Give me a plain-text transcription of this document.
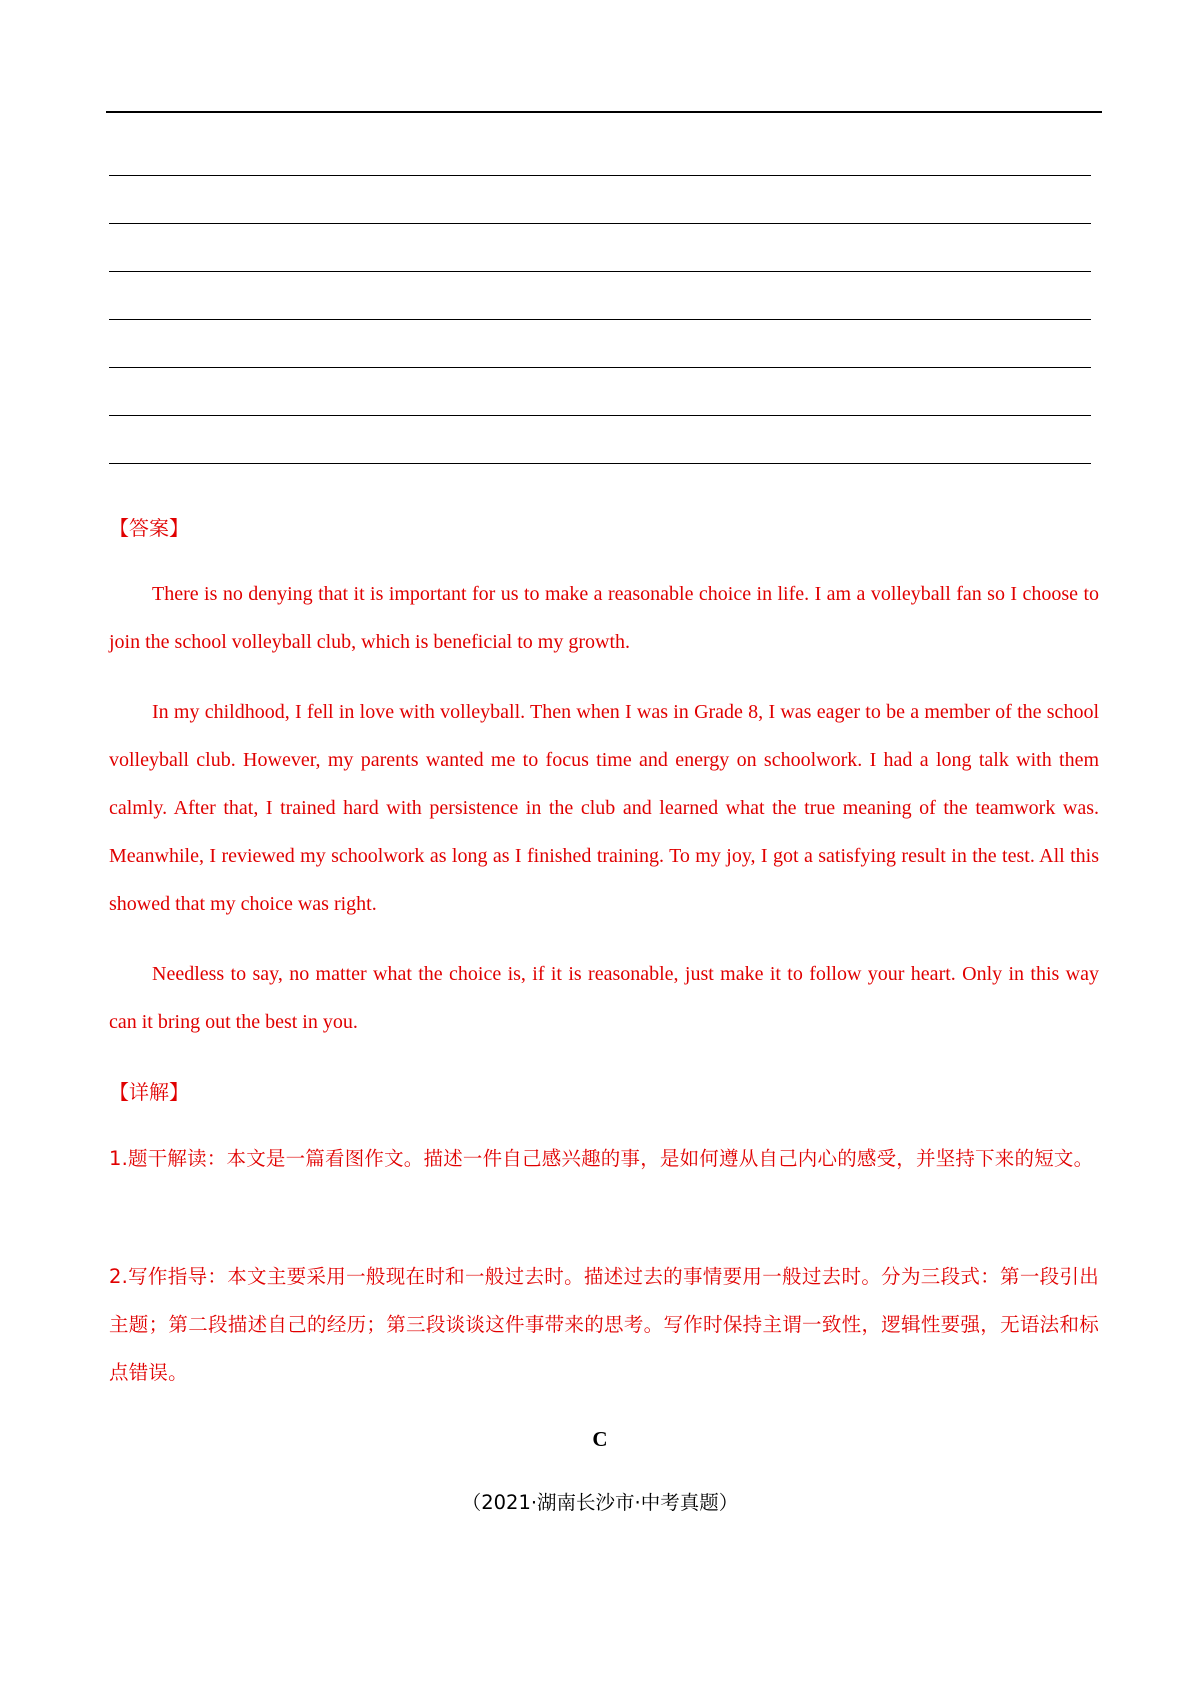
【答案】

There is no denying that it is important for us to make a reasonable choice in life. I am a volleyball fan so I choose to join the school volleyball club, which is beneficial to my growth.

In my childhood, I fell in love with volleyball. Then when I was in Grade 8, I was eager to be a member of the school volleyball club. However, my parents wanted me to focus time and energy on schoolwork. I had a long talk with them calmly. After that, I trained hard with persistence in the club and learned what the true meaning of the teamwork was. Meanwhile, I reviewed my schoolwork as long as I finished training. To my joy, I got a satisfying result in the test. All this showed that my choice was right.

Needless to say, no matter what the choice is, if it is reasonable, just make it to follow your heart. Only in this way can it bring out the best in you.

【详解】

1.题干解读：本文是一篇看图作文。描述一件自己感兴趣的事，是如何遵从自己内心的感受，并坚持下来的短文。

2.写作指导：本文主要采用一般现在时和一般过去时。描述过去的事情要用一般过去时。分为三段式：第一段引出主题；第二段描述自己的经历；第三段谈谈这件事带来的思考。写作时保持主谓一致性，逻辑性要强，无语法和标点错误。

C
（2021·湖南长沙市·中考真题）
